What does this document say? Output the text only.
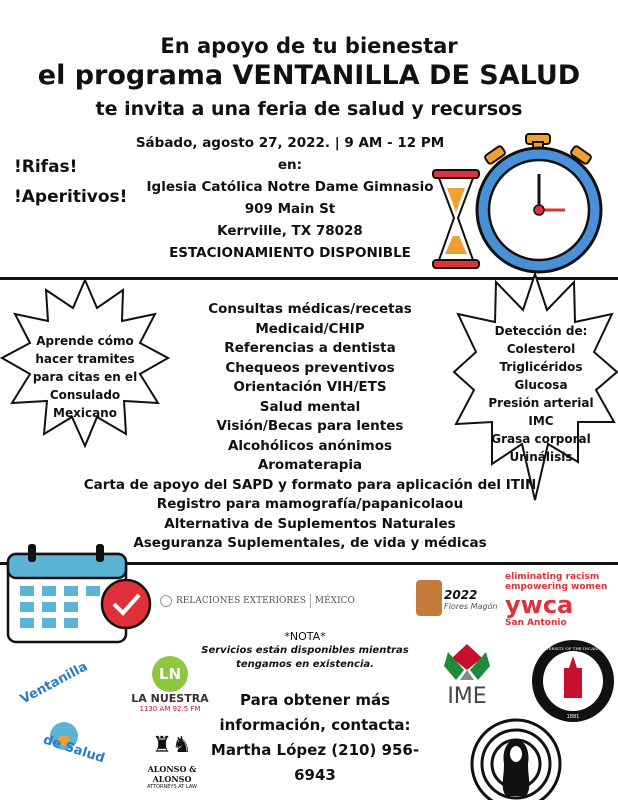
En apoyo de tu bienestar
el programa VENTANILLA DE SALUD
te invita a una feria de salud y recursos
Sábado, agosto 27, 2022. | 9 AM - 12 PM
en:
Iglesia Católica Notre Dame Gimnasio
909 Main St
Kerrville, TX 78028
ESTACIONAMIENTO DISPONIBLE
!Rifas!
!Aperitivos!
Aprende cómo
hacer tramites
para citas en el
Consulado
Mexicano
Detección de:
Colesterol
Triglicéridos
Glucosa
Presión arterial
IMC
Grasa corporal
Urinálisis
Consultas médicas/recetas
Medicaid/CHIP
Referencias a dentista
Chequeos preventivos
Orientación VIH/ETS
Salud mental
Visión/Becas para lentes
Alcohólicos anónimos
Aromaterapia
Carta de apoyo del SAPD y formato para aplicación del ITIN
Registro para mamografía/papanicolaou
Alternativa de Suplementos Naturales
Aseguranza Suplementales, de vida y médicas
RELACIONES EXTERIORES MÉXICO	2022
Flores Magón
eliminating racism
empowering women
ywca
San Antonio
*NOTA*
Servicios están disponibles mientras
tengamos en existencia.
LN
LA NUESTRA
1130 AM 92.5 FM
Ventanilla
de Salud	♜♞
ALONSO & ALONSO
ATTORNEYS AT LAW
Para obtener más
información, contacta:
Martha López (210) 956-6943
IME
UNIVERSITY OF THE INCARNATE WORD
1881
